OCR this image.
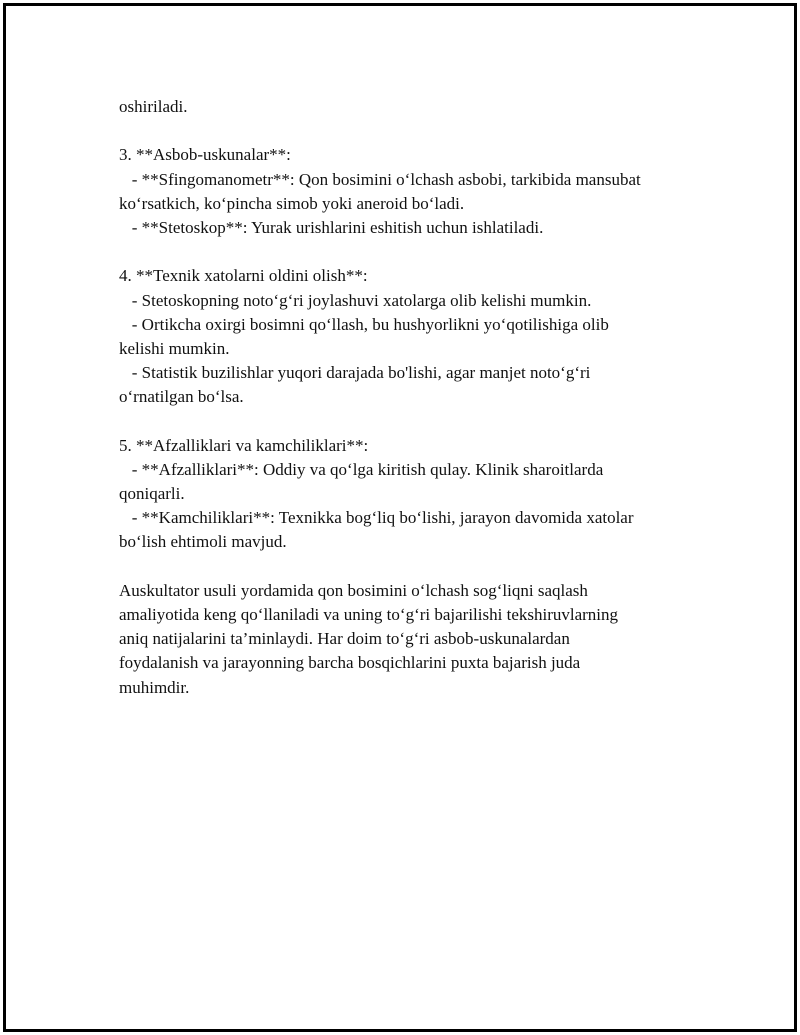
oshiriladi.

3. **Asbob-uskunalar**:

- **Sfingomanometr**: Qon bosimini o‘lchash asbobi, tarkibida mansubat

ko‘rsatkich, ko‘pincha simob yoki aneroid bo‘ladi.

- **Stetoskop**: Yurak urishlarini eshitish uchun ishlatiladi.

4. **Texnik xatolarni oldini olish**:

- Stetoskopning noto‘g‘ri joylashuvi xatolarga olib kelishi mumkin.

- Ortikcha oxirgi bosimni qo‘llash, bu hushyorlikni yo‘qotilishiga olib

kelishi mumkin.

- Statistik buzilishlar yuqori darajada bo'lishi, agar manjet noto‘g‘ri

o‘rnatilgan bo‘lsa.

5. **Afzalliklari va kamchiliklari**:

- **Afzalliklari**: Oddiy va qo‘lga kiritish qulay. Klinik sharoitlarda

qoniqarli.

- **Kamchiliklari**: Texnikka bog‘liq bo‘lishi, jarayon davomida xatolar

bo‘lish ehtimoli mavjud.

Auskultator usuli yordamida qon bosimini o‘lchash sog‘liqni saqlash

amaliyotida keng qo‘llaniladi va uning to‘g‘ri bajarilishi tekshiruvlarning

aniq natijalarini ta’minlaydi. Har doim to‘g‘ri asbob-uskunalardan

foydalanish va jarayonning barcha bosqichlarini puxta bajarish juda

muhimdir.
